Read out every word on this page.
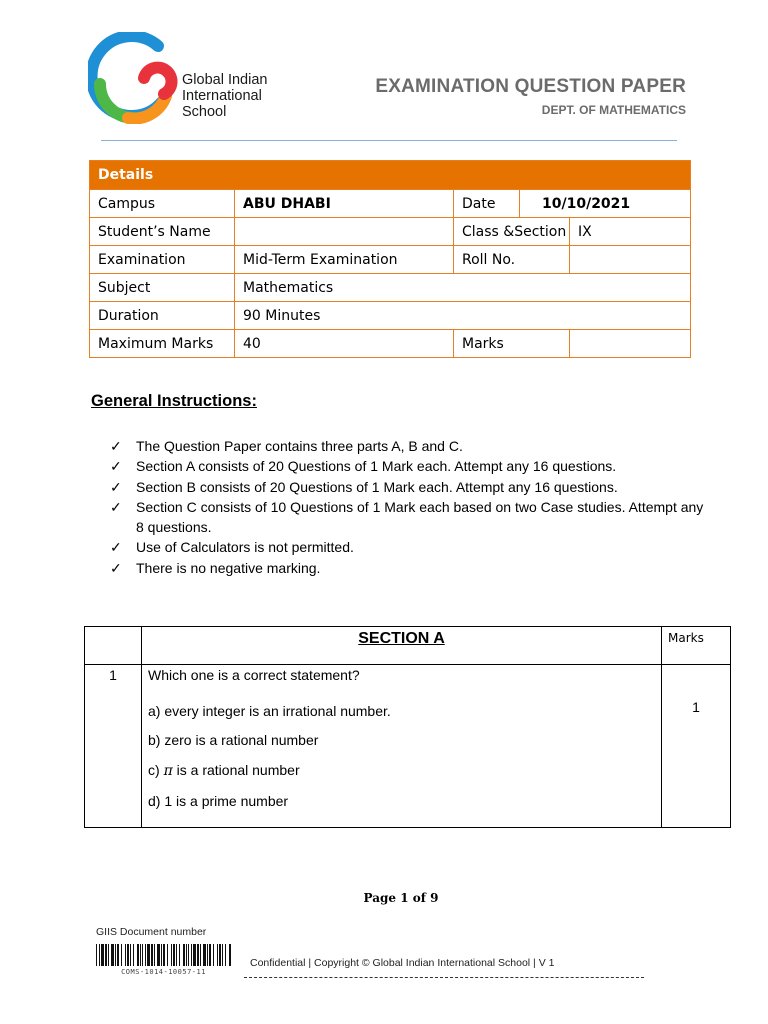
Global Indian
International
School
EXAMINATION QUESTION PAPER
DEPT. OF MATHEMATICS
Details				
Campus	ABU DHABI	Date	10/10/2021	
Student’s Name		Class &Section		IX
Examination	Mid-Term Examination	Roll No.		
Subject	Mathematics			
Duration	90 Minutes			
Maximum Marks	40	Marks		
General Instructions:
✓	The Question Paper contains three parts A, B and C.
✓	Section A consists of 20 Questions of 1 Mark each. Attempt any 16 questions.
✓	Section B consists of 20 Questions of 1 Mark each. Attempt any 16 questions.
✓	Section C consists of 10 Questions of 1 Mark each based on two Case studies. Attempt any 8 questions.
✓	Use of Calculators is not permitted.
✓	There is no negative marking.
	SECTION A	Marks
1	Which one is a correct statement?

a) every integer is an irrational number.

b) zero is a rational number

c) π is a rational number

d) 1 is a prime number	1
Page 1 of 9
GIIS Document number
COMS-1014-10057-11
Confidential | Copyright © Global Indian International School | V 1
